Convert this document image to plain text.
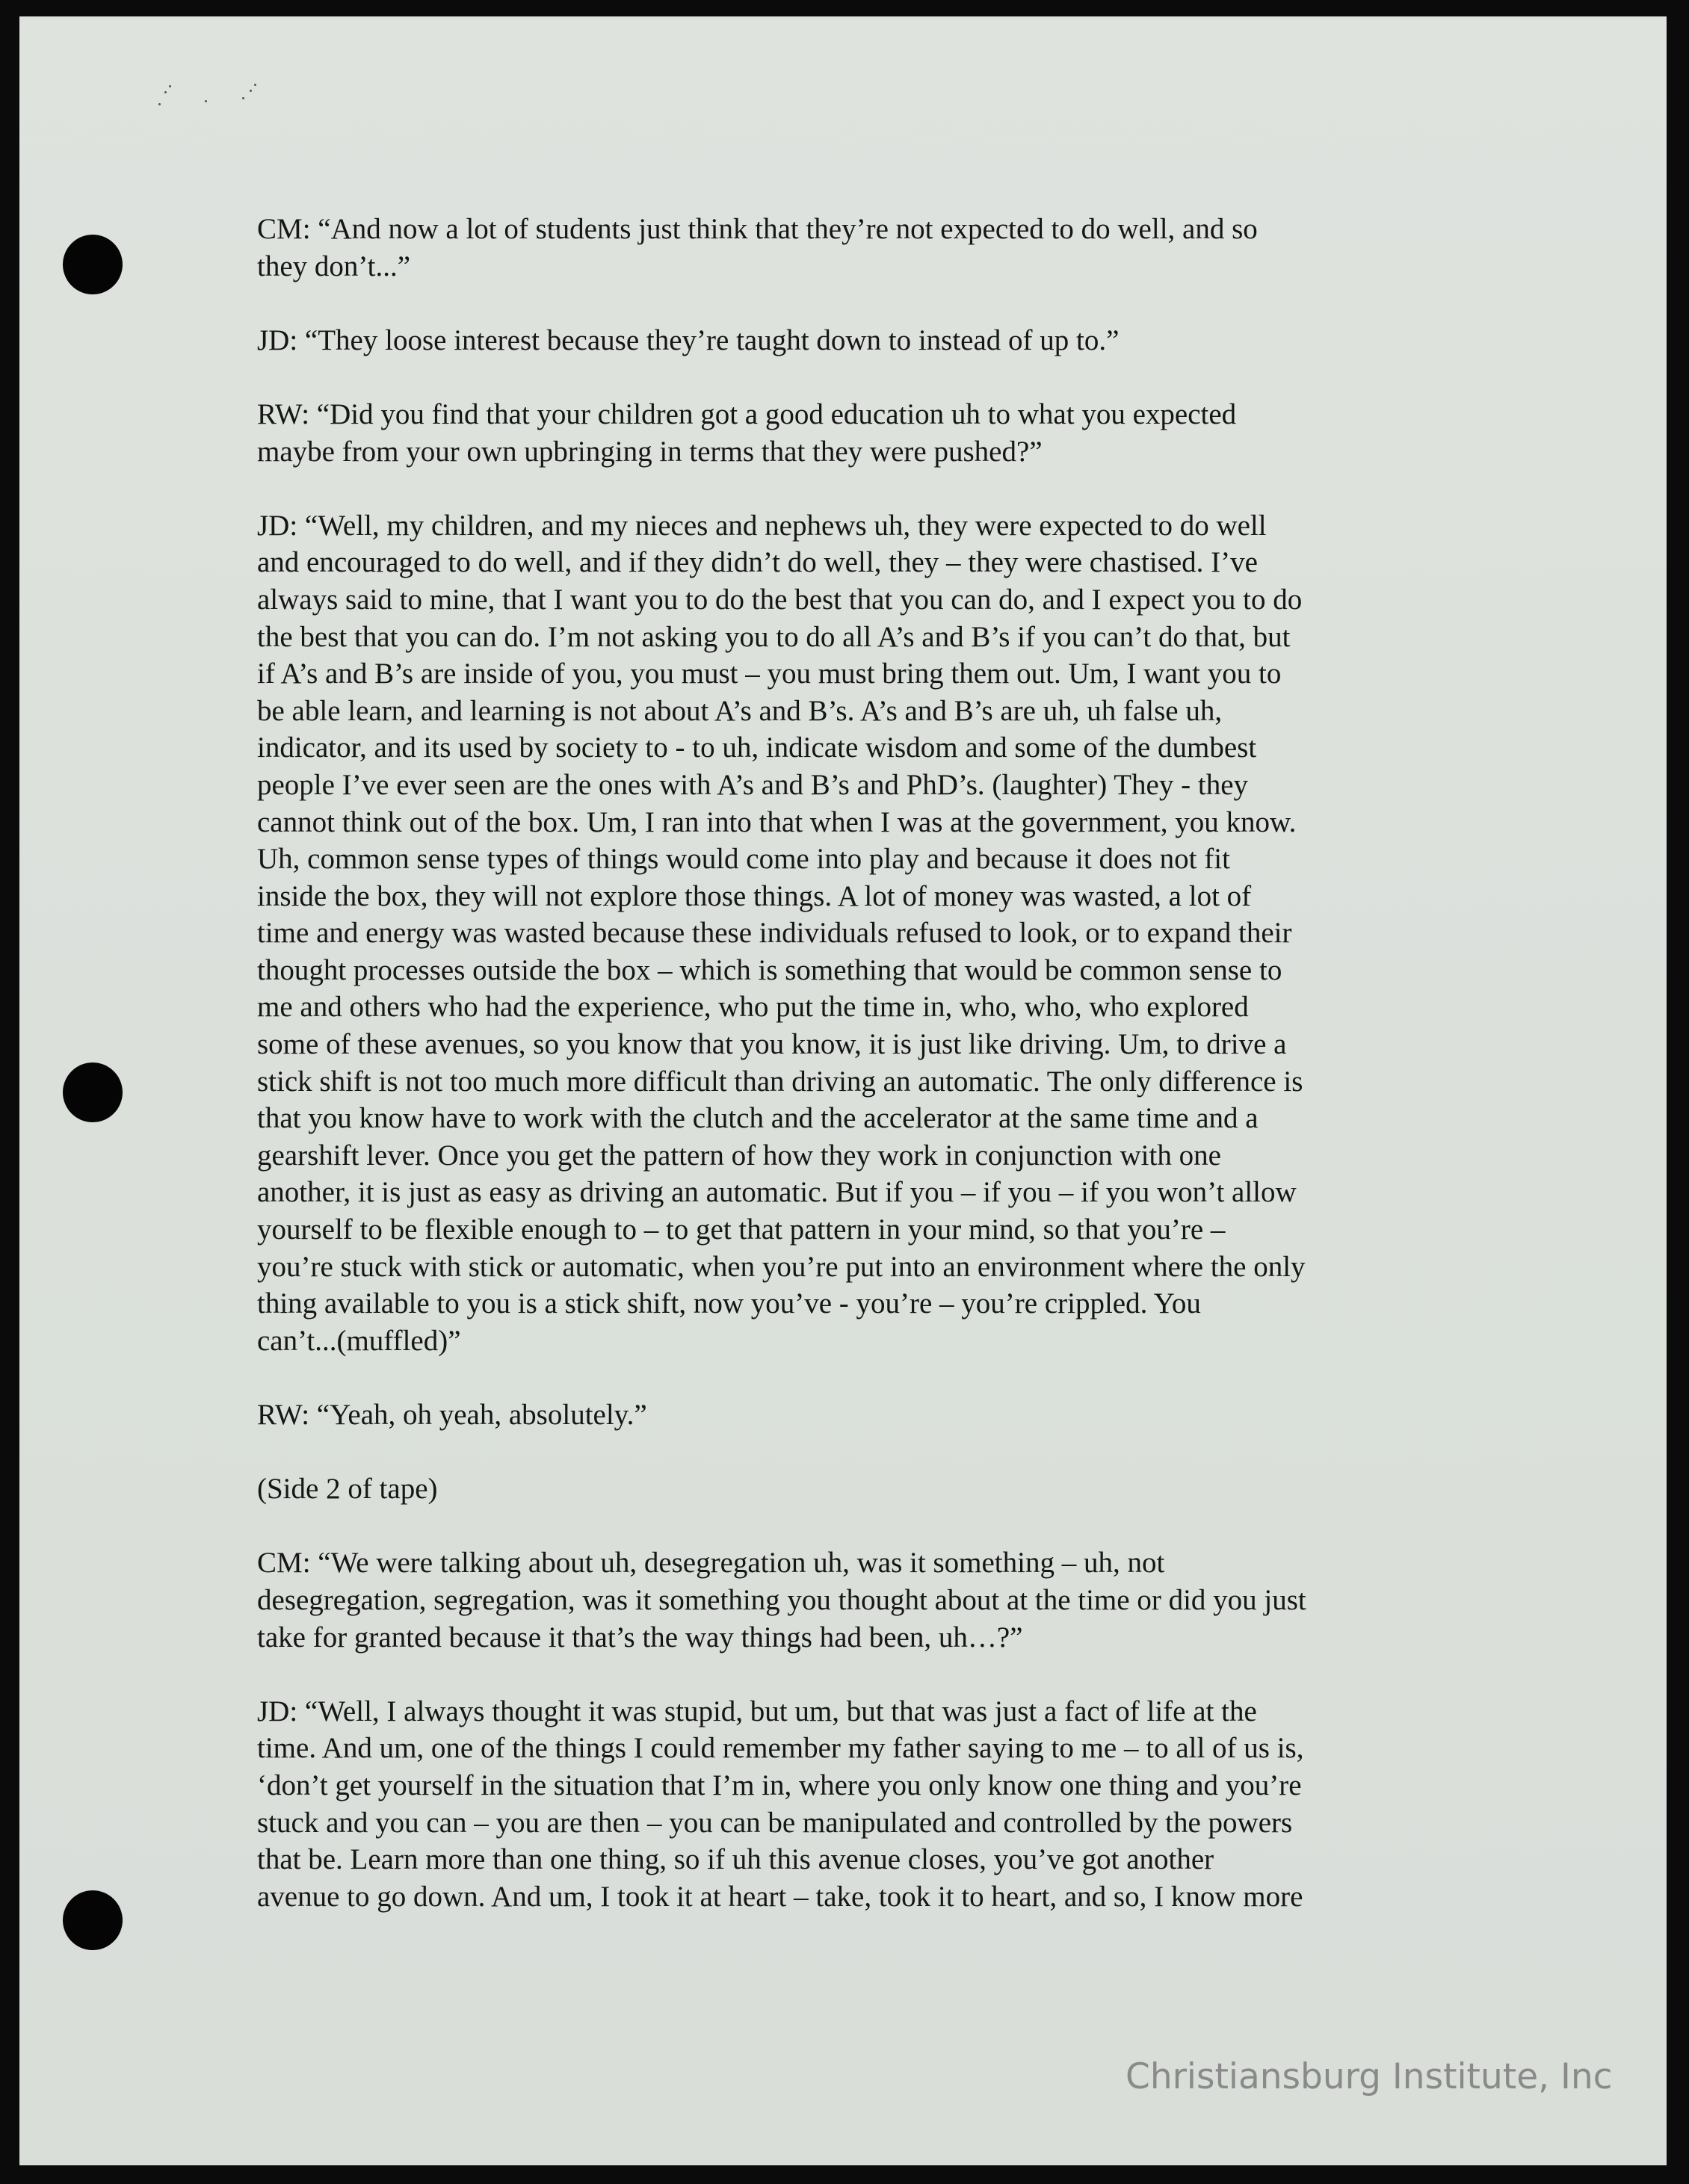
CM: “And now a lot of students just think that they’re not expected to do well, and so
they don’t...”
JD: “They loose interest because they’re taught down to instead of up to.”
RW: “Did you find that your children got a good education uh to what you expected
maybe from your own upbringing in terms that they were pushed?”
JD: “Well, my children, and my nieces and nephews uh, they were expected to do well
and encouraged to do well, and if they didn’t do well, they – they were chastised. I’ve
always said to mine, that I want you to do the best that you can do, and I expect you to do
the best that you can do. I’m not asking you to do all A’s and B’s if you can’t do that, but
if A’s and B’s are inside of you, you must – you must bring them out. Um, I want you to
be able learn, and learning is not about A’s and B’s. A’s and B’s are uh, uh false uh,
indicator, and its used by society to - to uh, indicate wisdom and some of the dumbest
people I’ve ever seen are the ones with A’s and B’s and PhD’s. (laughter) They - they
cannot think out of the box. Um, I ran into that when I was at the government, you know.
Uh, common sense types of things would come into play and because it does not fit
inside the box, they will not explore those things. A lot of money was wasted, a lot of
time and energy was wasted because these individuals refused to look, or to expand their
thought processes outside the box – which is something that would be common sense to
me and others who had the experience, who put the time in, who, who, who explored
some of these avenues, so you know that you know, it is just like driving. Um, to drive a
stick shift is not too much more difficult than driving an automatic. The only difference is
that you know have to work with the clutch and the accelerator at the same time and a
gearshift lever. Once you get the pattern of how they work in conjunction with one
another, it is just as easy as driving an automatic. But if you – if you – if you won’t allow
yourself to be flexible enough to – to get that pattern in your mind, so that you’re –
you’re stuck with stick or automatic, when you’re put into an environment where the only
thing available to you is a stick shift, now you’ve - you’re – you’re crippled. You
can’t...(muffled)”
RW: “Yeah, oh yeah, absolutely.”
(Side 2 of tape)
CM: “We were talking about uh, desegregation uh, was it something – uh, not
desegregation, segregation, was it something you thought about at the time or did you just
take for granted because it that’s the way things had been, uh…?”
JD: “Well, I always thought it was stupid, but um, but that was just a fact of life at the
time. And um, one of the things I could remember my father saying to me – to all of us is,
‘don’t get yourself in the situation that I’m in, where you only know one thing and you’re
stuck and you can – you are then – you can be manipulated and controlled by the powers
that be. Learn more than one thing, so if uh this avenue closes, you’ve got another
avenue to go down. And um, I took it at heart – take, took it to heart, and so, I know more
Christiansburg Institute, Inc
